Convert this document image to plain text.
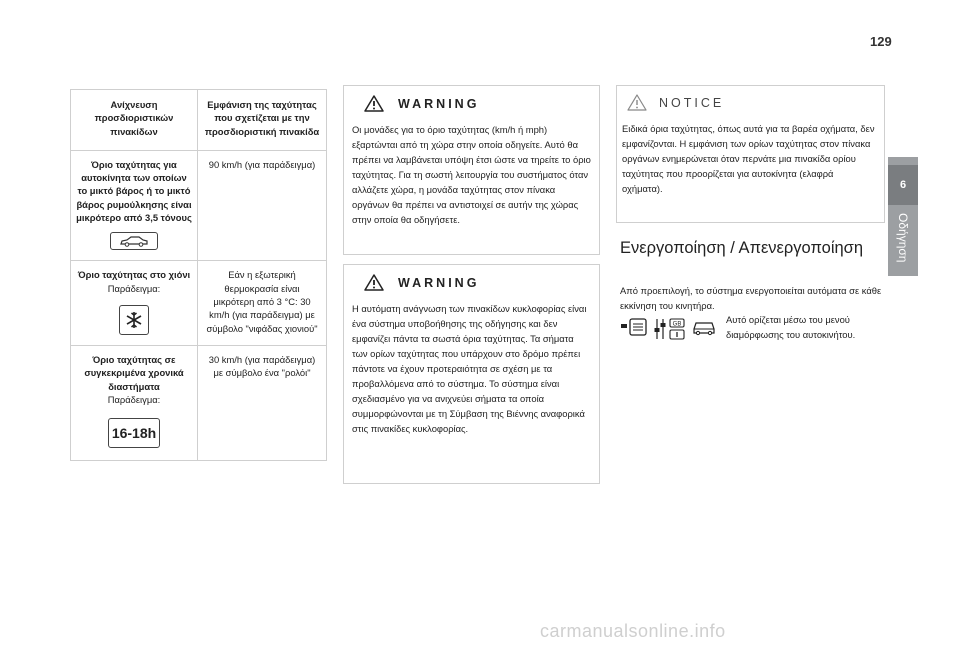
129
Ανίχνευση προσδιοριστικών πινακίδων
Εμφάνιση της ταχύτητας που σχετίζεται με την προσδιοριστική πινακίδα
Όριο ταχύτητας για αυτοκίνητα των οποίων το μικτό βάρος ή το μικτό βάρος ρυμούλκησης είναι μικρότερο από 3,5 τόνους
90 km/h (για παράδειγμα)
Όριο ταχύτητας στο χιόνι
Παράδειγμα:
Εάν η εξωτερική θερμοκρασία είναι μικρότερη από 3 °C: 30 km/h (για παράδειγμα) με σύμβολο "νιφάδας χιονιού"
Όριο ταχύτητας σε συγκεκριμένα χρονικά διαστήματα
Παράδειγμα:
16-18h
30 km/h (για παράδειγμα) με σύμβολο ένα "ρολόι"
WARNING
Οι μονάδες για το όριο ταχύτητας (km/h ή mph) εξαρτώνται από τη χώρα στην οποία οδηγείτε. Αυτό θα πρέπει να λαμβάνεται υπόψη έτσι ώστε να τηρείτε το όριο ταχύτητας. Για τη σωστή λειτουργία του συστήματος όταν αλλάζετε χώρα, η μονάδα ταχύτητας στον πίνακα οργάνων θα πρέπει να αντιστοιχεί σε αυτήν της χώρας στην οποία θα οδηγήσετε.
WARNING
Η αυτόματη ανάγνωση των πινακίδων κυκλοφορίας είναι ένα σύστημα υποβοήθησης της οδήγησης και δεν εμφανίζει πάντα τα σωστά όρια ταχύτητας. Τα σήματα των ορίων ταχύτητας που υπάρχουν στο δρόμο πρέπει πάντοτε να έχουν προτεραιότητα σε σχέση με τα προβαλλόμενα από το σύστημα. Το σύστημα είναι σχεδιασμένο για να ανιχνεύει σήματα τα οποία συμμορφώνονται με τη Σύμβαση της Βιέννης αναφορικά στις πινακίδες κυκλοφορίας.
NOTICE
Ειδικά όρια ταχύτητας, όπως αυτά για τα βαρέα οχήματα, δεν εμφανίζονται. Η εμφάνιση των ορίων ταχύτητας στον πίνακα οργάνων ενημερώνεται όταν περνάτε μια πινακίδα ορίου ταχύτητας που προορίζεται για αυτοκίνητα (ελαφρά οχήματα).
Ενεργοποίηση / Απενεργοποίηση
Από προεπιλογή, το σύστημα ενεργοποιείται αυτόματα σε κάθε εκκίνηση του κινητήρα.
GB	Αυτό ορίζεται μέσω του μενού διαμόρφωσης του αυτοκινήτου.
6
Οδήγηση
carmanualsonline.info
